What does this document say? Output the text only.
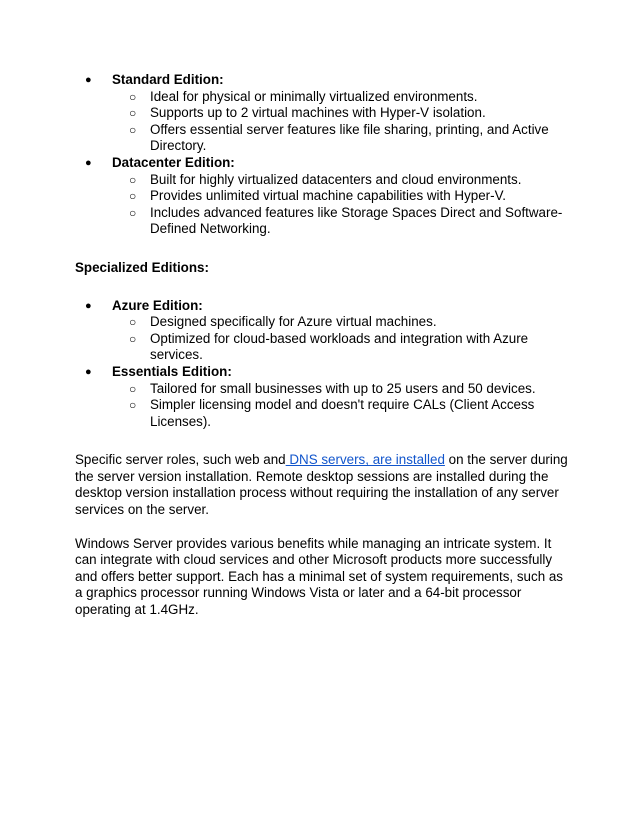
● Standard Edition:
○ Ideal for physical or minimally virtualized environments.
○ Supports up to 2 virtual machines with Hyper-V isolation.
○ Offers essential server features like file sharing, printing, and Active Directory.
● Datacenter Edition:
○ Built for highly virtualized datacenters and cloud environments.
○ Provides unlimited virtual machine capabilities with Hyper-V.
○ Includes advanced features like Storage Spaces Direct and Software-Defined Networking.

Specialized Editions:

● Azure Edition:
○ Designed specifically for Azure virtual machines.
○ Optimized for cloud-based workloads and integration with Azure services.
● Essentials Edition:
○ Tailored for small businesses with up to 25 users and 50 devices.
○ Simpler licensing model and doesn't require CALs (Client Access Licenses).

Specific server roles, such web and DNS servers, are installed on the server during the server version installation. Remote desktop sessions are installed during the desktop version installation process without requiring the installation of any server services on the server.

Windows Server provides various benefits while managing an intricate system. It can integrate with cloud services and other Microsoft products more successfully and offers better support. Each has a minimal set of system requirements, such as a graphics processor running Windows Vista or later and a 64-bit processor operating at 1.4GHz.
